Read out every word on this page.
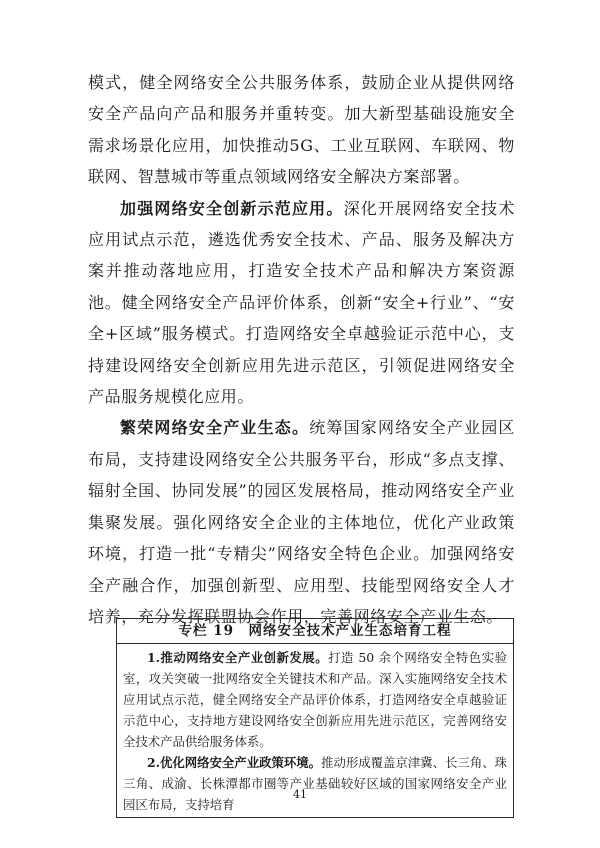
模式，健全网络安全公共服务体系，鼓励企业从提供网络安全产品向产品和服务并重转变。加大新型基础设施安全需求场景化应用，加快推动5G、工业互联网、车联网、物联网、智慧城市等重点领域网络安全解决方案部署。

加强网络安全创新示范应用。深化开展网络安全技术应用试点示范，遴选优秀安全技术、产品、服务及解决方案并推动落地应用，打造安全技术产品和解决方案资源池。健全网络安全产品评价体系，创新“安全+行业”、“安全+区域”服务模式。打造网络安全卓越验证示范中心，支持建设网络安全创新应用先进示范区，引领促进网络安全产品服务规模化应用。

繁荣网络安全产业生态。统筹国家网络安全产业园区布局，支持建设网络安全公共服务平台，形成“多点支撑、辐射全国、协同发展”的园区发展格局，推动网络安全产业集聚发展。强化网络安全企业的主体地位，优化产业政策环境，打造一批“专精尖”网络安全特色企业。加强网络安全产融合作，加强创新型、应用型、技能型网络安全人才培养，充分发挥联盟协会作用，完善网络安全产业生态。

专栏 19　网络安全技术产业生态培育工程

1.推动网络安全产业创新发展。打造 50 余个网络安全特色实验室，攻关突破一批网络安全关键技术和产品。深入实施网络安全技术应用试点示范，健全网络安全产品评价体系，打造网络安全卓越验证示范中心，支持地方建设网络安全创新应用先进示范区，完善网络安全技术产品供给服务体系。

2.优化网络安全产业政策环境。推动形成覆盖京津冀、长三角、珠三角、成渝、长株潭都市圈等产业基础较好区域的国家网络安全产业园区布局，支持培育

41
